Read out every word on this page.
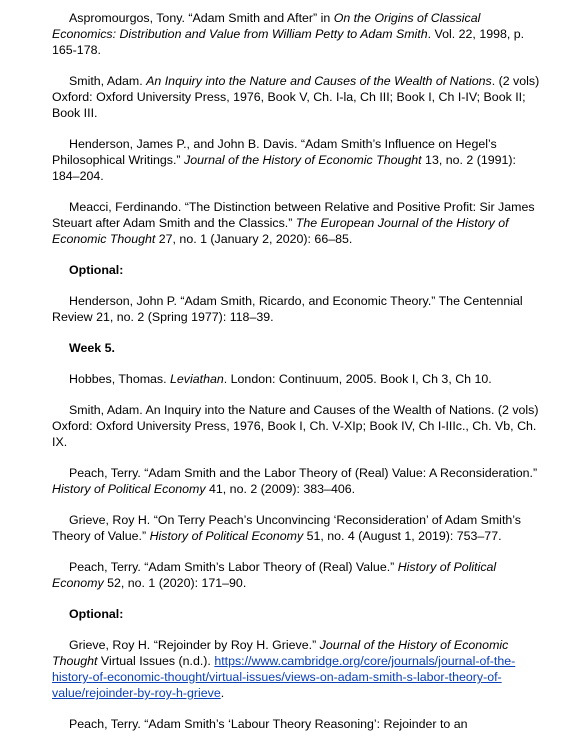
Aspromourgos, Tony. “Adam Smith and After” in On the Origins of Classical Economics: Distribution and Value from William Petty to Adam Smith. Vol. 22, 1998, p. 165-178.

Smith, Adam. An Inquiry into the Nature and Causes of the Wealth of Nations. (2 vols) Oxford: Oxford University Press, 1976, Book V, Ch. I-la, Ch III; Book I, Ch I-IV; Book II; Book III.

Henderson, James P., and John B. Davis. “Adam Smith’s Influence on Hegel’s Philosophical Writings.” Journal of the History of Economic Thought 13, no. 2 (1991): 184–204.

Meacci, Ferdinando. “The Distinction between Relative and Positive Profit: Sir James Steuart after Adam Smith and the Classics.” The European Journal of the History of Economic Thought 27, no. 1 (January 2, 2020): 66–85.

Optional:

Henderson, John P. “Adam Smith, Ricardo, and Economic Theory.” The Centennial Review 21, no. 2 (Spring 1977): 118–39.

Week 5.

Hobbes, Thomas. Leviathan. London: Continuum, 2005. Book I, Ch 3, Ch 10.

Smith, Adam. An Inquiry into the Nature and Causes of the Wealth of Nations. (2 vols) Oxford: Oxford University Press, 1976, Book I, Ch. V-XIp; Book IV, Ch I-IIIc., Ch. Vb, Ch. IX.

Peach, Terry. “Adam Smith and the Labor Theory of (Real) Value: A Reconsideration.” History of Political Economy 41, no. 2 (2009): 383–406.

Grieve, Roy H. “On Terry Peach’s Unconvincing ‘Reconsideration’ of Adam Smith’s Theory of Value.” History of Political Economy 51, no. 4 (August 1, 2019): 753–77.

Peach, Terry. “Adam Smith’s Labor Theory of (Real) Value.” History of Political Economy 52, no. 1 (2020): 171–90.

Optional:

Grieve, Roy H. “Rejoinder by Roy H. Grieve.” Journal of the History of Economic Thought Virtual Issues (n.d.). https://www.cambridge.org/core/journals/journal-of-the-history-of-economic-thought/virtual-issues/views-on-adam-smith-s-labor-theory-of-value/rejoinder-by-roy-h-grieve.

Peach, Terry. “Adam Smith’s ‘Labour Theory Reasoning’: Rejoinder to an
